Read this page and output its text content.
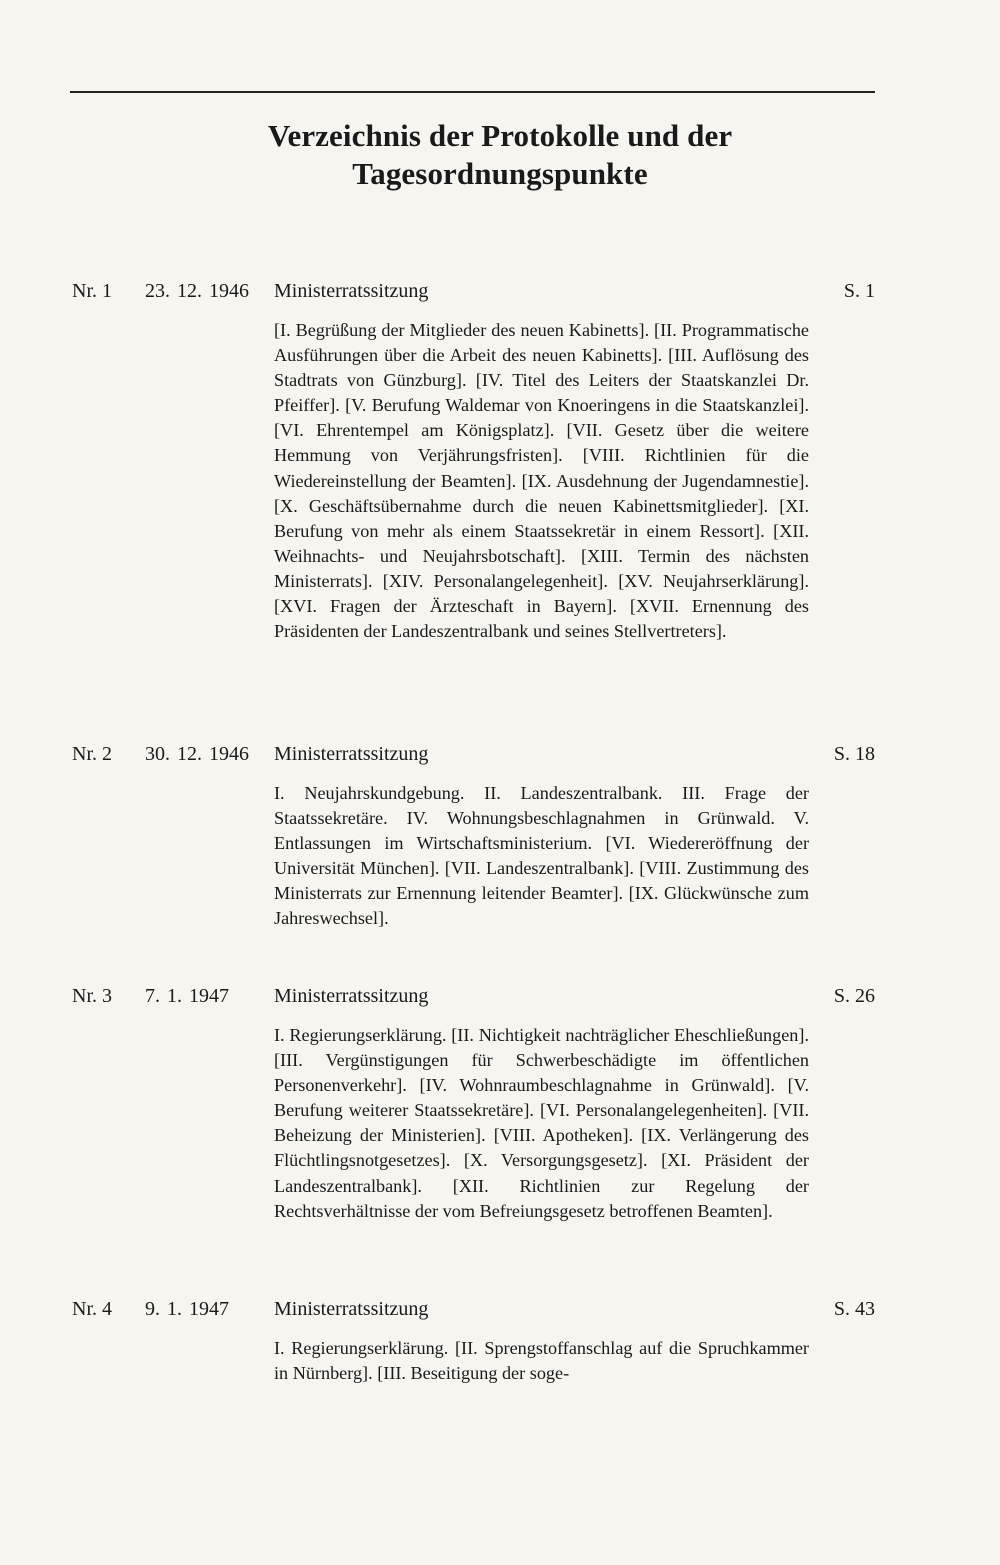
Verzeichnis der Protokolle und der
Tagesordnungspunkte
Nr. 1 23. 12. 1946 Ministerratssitzung	S. 1
[I. Begrüßung der Mitglieder des neuen Kabinetts]. [II. Programmatische Ausführungen über die Arbeit des neuen Kabinetts]. [III. Auflösung des Stadtrats von Günzburg]. [IV. Titel des Leiters der Staatskanzlei Dr. Pfeiffer]. [V. Berufung Waldemar von Knoeringens in die Staatskanzlei]. [VI. Ehrentempel am Königsplatz]. [VII. Gesetz über die weitere Hemmung von Verjährungsfristen]. [VIII. Richtlinien für die Wiedereinstellung der Beamten]. [IX. Ausdehnung der Jugendamnestie]. [X. Geschäftsübernahme durch die neuen Kabinettsmitglieder]. [XI. Berufung von mehr als einem Staatssekretär in einem Ressort]. [XII. Weihnachts- und Neujahrsbotschaft]. [XIII. Termin des nächsten Ministerrats]. [XIV. Personalangelegenheit]. [XV. Neujahrserklärung]. [XVI. Fragen der Ärzteschaft in Bayern]. [XVII. Ernennung des Präsidenten der Landeszentralbank und seines Stellvertreters].
Nr. 2 30. 12. 1946 Ministerratssitzung	S. 18
I. Neujahrskundgebung. II. Landeszentralbank. III. Frage der Staatssekretäre. IV. Wohnungsbeschlagnahmen in Grünwald. V. Entlassungen im Wirtschaftsministerium. [VI. Wiedereröffnung der Universität München]. [VII. Landeszentralbank]. [VIII. Zustimmung des Ministerrats zur Ernennung leitender Beamter]. [IX. Glückwünsche zum Jahreswechsel].
Nr. 3 7. 1. 1947 Ministerratssitzung	S. 26
I. Regierungserklärung. [II. Nichtigkeit nachträglicher Eheschließungen]. [III. Vergünstigungen für Schwerbeschädigte im öffentlichen Personenverkehr]. [IV. Wohnraumbeschlagnahme in Grünwald]. [V. Berufung weiterer Staatssekretäre]. [VI. Personalangelegenheiten]. [VII. Beheizung der Ministerien]. [VIII. Apotheken]. [IX. Verlängerung des Flüchtlingsnotgesetzes]. [X. Versorgungsgesetz]. [XI. Präsident der Landeszentralbank]. [XII. Richtlinien zur Regelung der Rechtsverhältnisse der vom Befreiungsgesetz betroffenen Beamten].
Nr. 4 9. 1. 1947 Ministerratssitzung	S. 43
I. Regierungserklärung. [II. Sprengstoffanschlag auf die Spruchkammer in Nürnberg]. [III. Beseitigung der soge-
